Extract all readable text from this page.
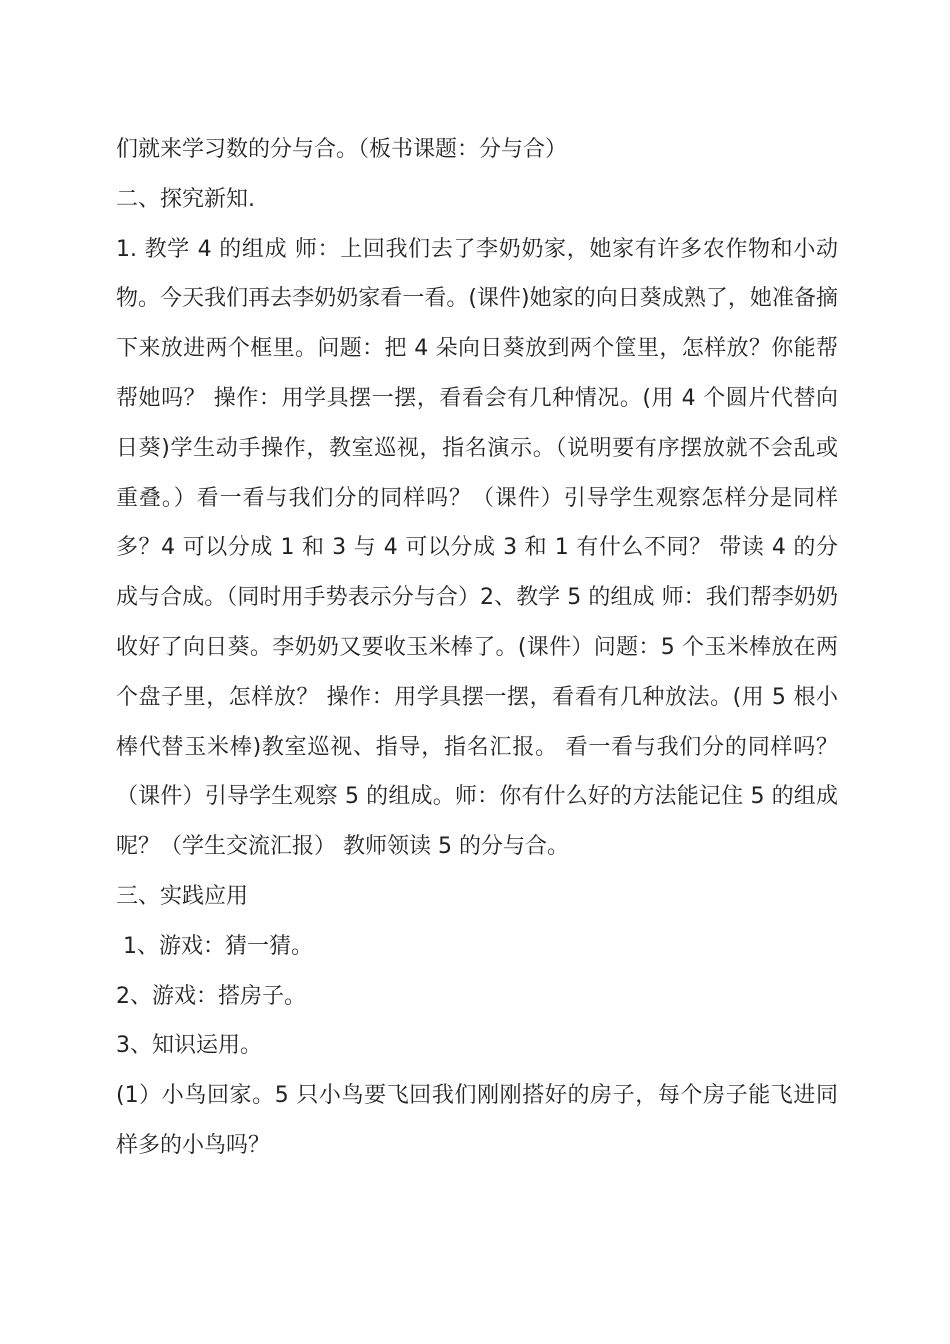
们就来学习数的分与合。（板书课题：分与合）

二、探究新知.

1. 教学 4 的组成 师：上回我们去了李奶奶家，她家有许多农作物和小动物。今天我们再去李奶奶家看一看。(课件)她家的向日葵成熟了，她准备摘下来放进两个框里。问题：把 4 朵向日葵放到两个筐里，怎样放？你能帮帮她吗？ 操作：用学具摆一摆，看看会有几种情况。(用 4 个圆片代替向日葵)学生动手操作，教室巡视，指名演示。（说明要有序摆放就不会乱或重叠。）看一看与我们分的同样吗？（课件）引导学生观察怎样分是同样多？4 可以分成 1 和 3 与 4 可以分成 3 和 1 有什么不同？ 带读 4 的分成与合成。（同时用手势表示分与合）2、教学 5 的组成 师：我们帮李奶奶收好了向日葵。李奶奶又要收玉米棒了。(课件）问题：5 个玉米棒放在两个盘子里，怎样放？ 操作：用学具摆一摆，看看有几种放法。(用 5 根小棒代替玉米棒)教室巡视、指导，指名汇报。 看一看与我们分的同样吗？（课件）引导学生观察 5 的组成。师：你有什么好的方法能记住 5 的组成呢？（学生交流汇报） 教师领读 5 的分与合。

三、实践应用

1、游戏：猜一猜。

2、游戏：搭房子。

3、知识运用。

(1）小鸟回家。5 只小鸟要飞回我们刚刚搭好的房子，每个房子能飞进同样多的小鸟吗？
